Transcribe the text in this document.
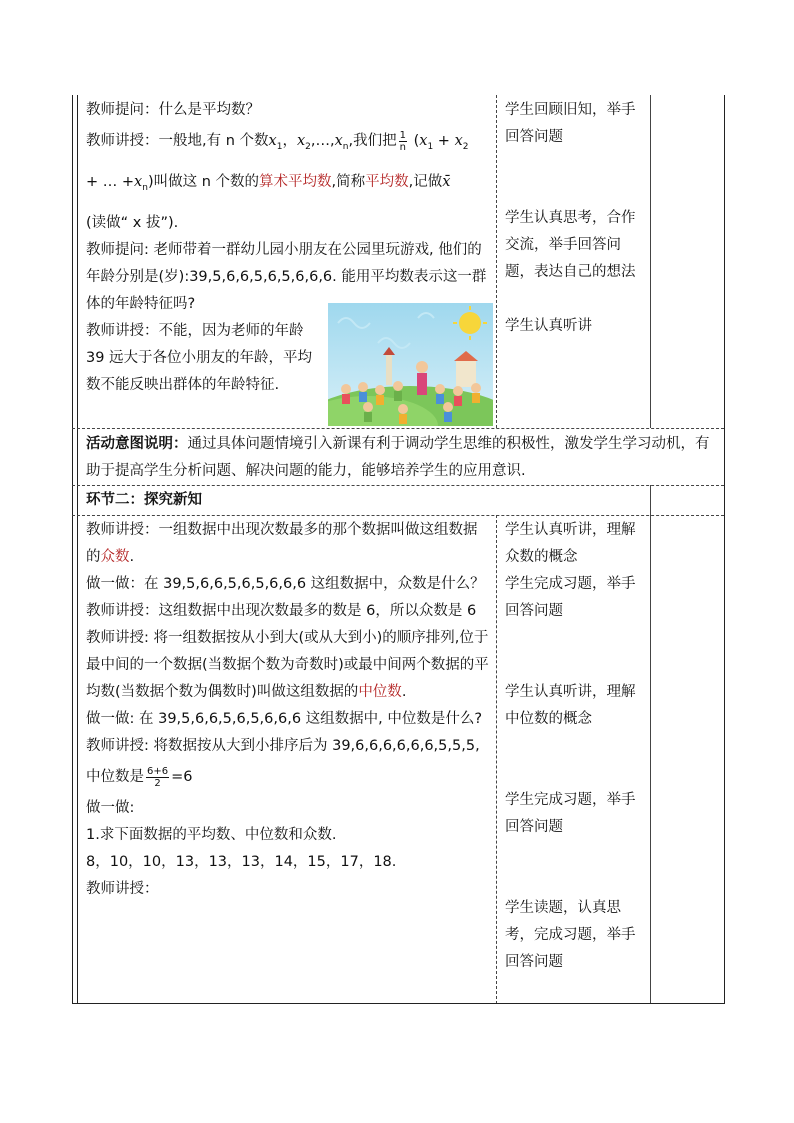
教师提问：什么是平均数？

教师讲授：一般地,有 n 个数$x_1$，$x_2,\dots,x_n$,我们把 $\frac{1}{n} (x_1 + x_2$

+ … $+x_n$)叫做这 n 个数的算术平均数,简称平均数,记做x̄

(读做“ x 拔”).

教师提问: 老师带着一群幼儿园小朋友在公园里玩游戏, 他们的年龄分别是(岁):39,5,6,6,5,6,5,6,6,6. 能用平均数表示这一群体的年龄特征吗?

教师讲授：不能，因为老师的年龄 39 远大于各位小朋友的年龄，平均数不能反映出群体的年龄特征.

学生回顾旧知，举手回答问题

学生认真思考，合作交流，举手回答问题，表达自己的想法

学生认真听讲

活动意图说明：通过具体问题情境引入新课有利于调动学生思维的积极性，激发学生学习动机，有助于提高学生分析问题、解决问题的能力，能够培养学生的应用意识.

环节二：探究新知

教师讲授：一组数据中出现次数最多的那个数据叫做这组数据的众数.

做一做：在 39,5,6,6,5,6,5,6,6,6 这组数据中，众数是什么？

教师讲授：这组数据中出现次数最多的数是 6，所以众数是 6

教师讲授: 将一组数据按从小到大(或从大到小)的顺序排列,位于最中间的一个数据(当数据个数为奇数时)或最中间两个数据的平均数(当数据个数为偶数时)叫做这组数据的中位数.

做一做: 在 39,5,6,6,5,6,5,6,6,6 这组数据中, 中位数是什么?

教师讲授: 将数据按从大到小排序后为 39,6,6,6,6,6,6,5,5,5,

中位数是 $\frac{6+6}{2} =6$

做一做:

1.求下面数据的平均数、中位数和众数.

8，10，10，13，13，13，14，15，17，18.

教师讲授：

学生认真听讲，理解众数的概念

学生完成习题，举手回答问题

学生认真听讲，理解中位数的概念

学生完成习题，举手回答问题

学生读题，认真思考，完成习题，举手回答问题
